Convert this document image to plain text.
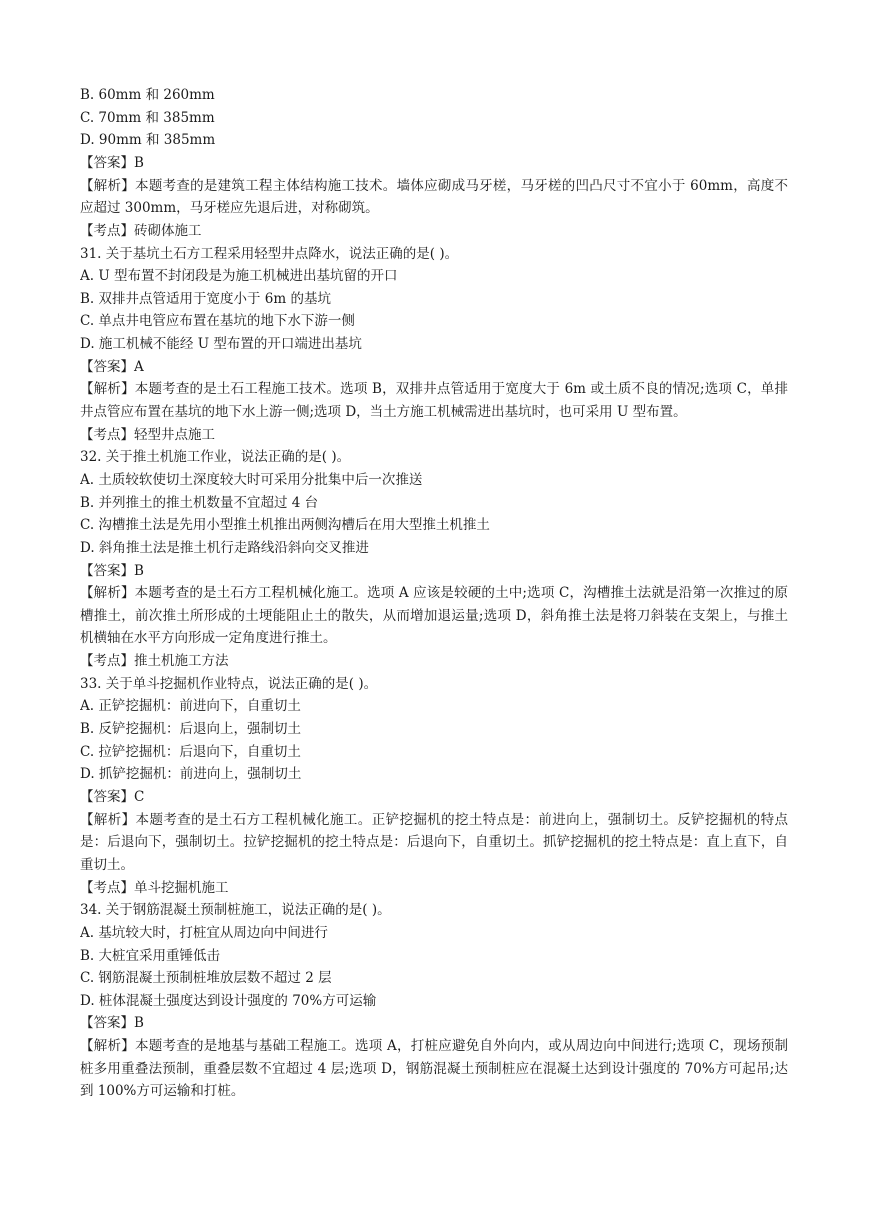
B. 60mm 和 260mm
C. 70mm 和 385mm
D. 90mm 和 385mm
【答案】B
【解析】本题考查的是建筑工程主体结构施工技术。墙体应砌成马牙槎，马牙槎的凹凸尺寸不宜小于 60mm，高度不应超过 300mm，马牙槎应先退后进，对称砌筑。
【考点】砖砌体施工
31. 关于基坑土石方工程采用轻型井点降水，说法正确的是( )。
A. U 型布置不封闭段是为施工机械进出基坑留的开口
B. 双排井点管适用于宽度小于 6m 的基坑
C. 单点井电管应布置在基坑的地下水下游一侧
D. 施工机械不能经 U 型布置的开口端进出基坑
【答案】A
【解析】本题考查的是土石工程施工技术。选项 B，双排井点管适用于宽度大于 6m 或土质不良的情况;选项 C，单排井点管应布置在基坑的地下水上游一侧;选项 D，当土方施工机械需进出基坑时，也可采用 U 型布置。
【考点】轻型井点施工
32. 关于推土机施工作业，说法正确的是( )。
A. 土质较软使切土深度较大时可采用分批集中后一次推送
B. 并列推土的推土机数量不宜超过 4 台
C. 沟槽推土法是先用小型推土机推出两侧沟槽后在用大型推土机推土
D. 斜角推土法是推土机行走路线沿斜向交叉推进
【答案】B
【解析】本题考查的是土石方工程机械化施工。选项 A 应该是较硬的土中;选项 C，沟槽推土法就是沿第一次推过的原槽推土，前次推土所形成的土埂能阻止土的散失，从而增加退运量;选项 D，斜角推土法是将刀斜装在支架上，与推土机横轴在水平方向形成一定角度进行推土。
【考点】推土机施工方法
33. 关于单斗挖掘机作业特点，说法正确的是( )。
A. 正铲挖掘机：前进向下，自重切土
B. 反铲挖掘机：后退向上，强制切土
C. 拉铲挖掘机：后退向下，自重切土
D. 抓铲挖掘机：前进向上，强制切土
【答案】C
【解析】本题考查的是土石方工程机械化施工。正铲挖掘机的挖土特点是：前进向上，强制切土。反铲挖掘机的特点是：后退向下，强制切土。拉铲挖掘机的挖土特点是：后退向下，自重切土。抓铲挖掘机的挖土特点是：直上直下，自重切土。
【考点】单斗挖掘机施工
34. 关于钢筋混凝土预制桩施工，说法正确的是( )。
A. 基坑较大时，打桩宜从周边向中间进行
B. 大桩宜采用重锤低击
C. 钢筋混凝土预制桩堆放层数不超过 2 层
D. 桩体混凝土强度达到设计强度的 70%方可运输
【答案】B
【解析】本题考查的是地基与基础工程施工。选项 A，打桩应避免自外向内，或从周边向中间进行;选项 C，现场预制桩多用重叠法预制，重叠层数不宜超过 4 层;选项 D，钢筋混凝土预制桩应在混凝土达到设计强度的 70%方可起吊;达到 100%方可运输和打桩。
